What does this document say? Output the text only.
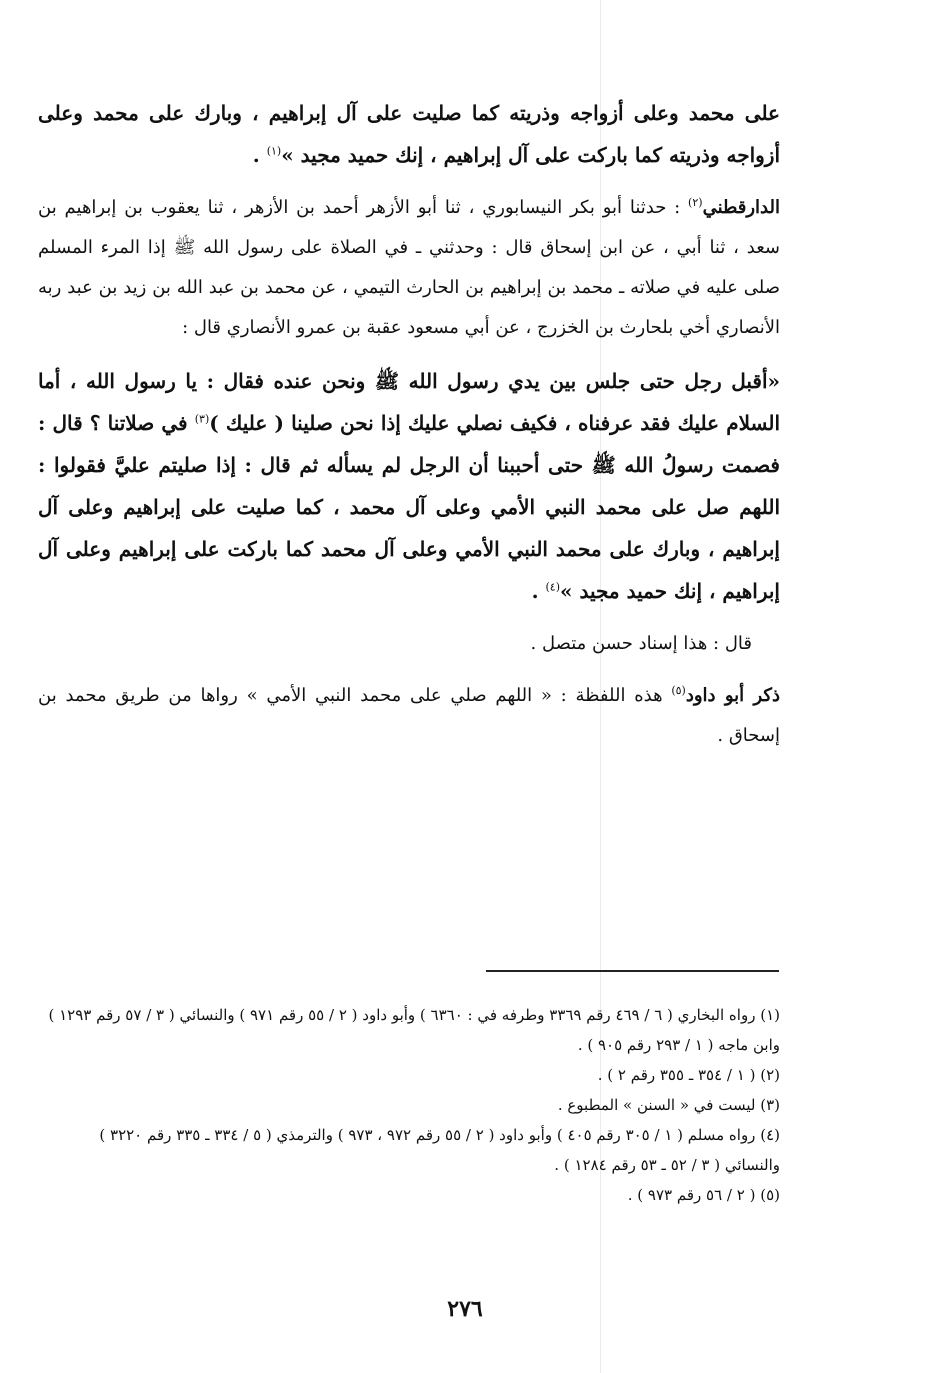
على محمد وعلى أزواجه وذريته كما صليت على آل إبراهيم ، وبارك على محمد وعلى أزواجه وذريته كما باركت على آل إبراهيم ، إنك حميد مجيد »$^{(١)}$ .

الدارقطني$^{(٢)}$ : حدثنا أبو بكر النيسابوري ، ثنا أبو الأزهر أحمد بن الأزهر ، ثنا يعقوب بن إبراهيم بن سعد ، ثنا أبي ، عن ابن إسحاق قال : وحدثني ـ في الصلاة على رسول الله ﷺ إذا المرء المسلم صلى عليه في صلاته ـ محمد بن إبراهيم بن الحارث التيمي ، عن محمد بن عبد الله بن زيد بن عبد ربه الأنصاري أخي بلحارث بن الخزرج ، عن أبي مسعود عقبة بن عمرو الأنصاري قال :

«أقبل رجل حتى جلس بين يدي رسول الله ﷺ ونحن عنده فقال : يا رسول الله ، أما السلام عليك فقد عرفناه ، فكيف نصلي عليك إذا نحن صلينا ( عليك )$^{(٣)}$ في صلاتنا ؟ قال : فصمت رسولُ الله ﷺ حتى أحببنا أن الرجل لم يسأله ثم قال : إذا صليتم عليَّ فقولوا : اللهم صل على محمد النبي الأمي وعلى آل محمد ، كما صليت على إبراهيم وعلى آل إبراهيم ، وبارك على محمد النبي الأمي وعلى آل محمد كما باركت على إبراهيم وعلى آل إبراهيم ، إنك حميد مجيد »$^{(٤)}$ .

قال : هذا إسناد حسن متصل .

ذكر أبو داود$^{(٥)}$ هذه اللفظة : « اللهم صلي على محمد النبي الأمي » رواها من طريق محمد بن إسحاق .

(١) رواه البخاري ( ٦ / ٤٦٩ رقم ٣٣٦٩ وطرفه في : ٦٣٦٠ ) وأبو داود ( ٢ / ٥٥ رقم ٩٧١ ) والنسائي ( ٣ / ٥٧ رقم ١٢٩٣ ) وابن ماجه ( ١ / ٢٩٣ رقم ٩٠٥ ) .

(٢) ( ١ / ٣٥٤ ـ ٣٥٥ رقم ٢ ) .

(٣) ليست في « السنن » المطبوع .

(٤) رواه مسلم ( ١ / ٣٠٥ رقم ٤٠٥ ) وأبو داود ( ٢ / ٥٥ رقم ٩٧٢ ، ٩٧٣ ) والترمذي ( ٥ / ٣٣٤ ـ ٣٣٥ رقم ٣٢٢٠ ) والنسائي ( ٣ / ٥٢ ـ ٥٣ رقم ١٢٨٤ ) .

(٥) ( ٢ / ٥٦ رقم ٩٧٣ ) .

٢٧٦
